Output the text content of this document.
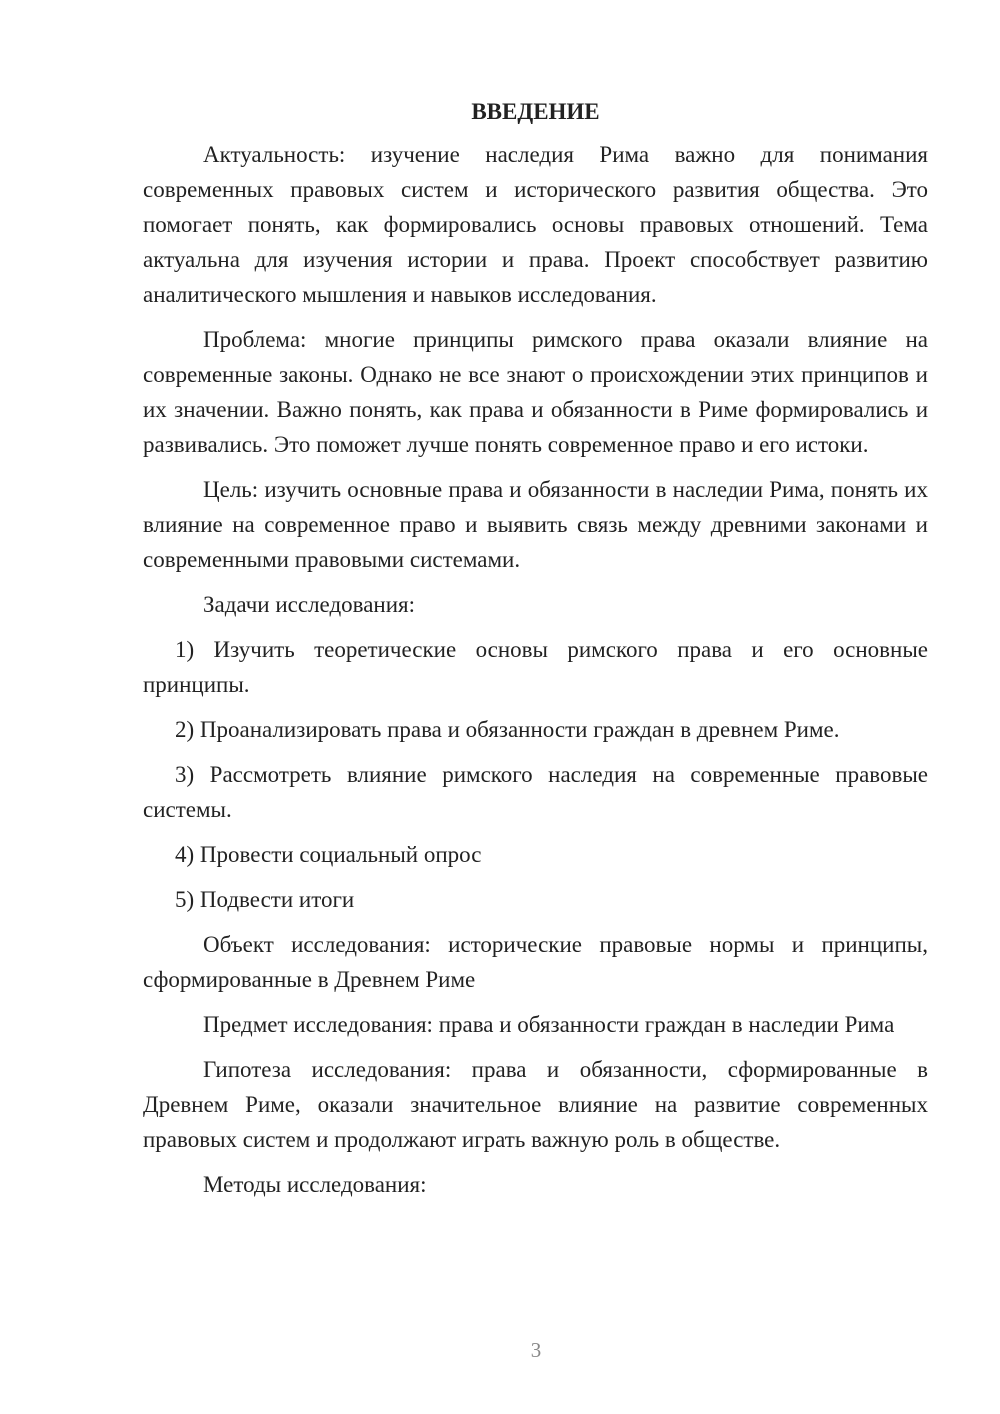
ВВЕДЕНИЕ

Актуальность: изучение наследия Рима важно для понимания современных правовых систем и исторического развития общества. Это помогает понять, как формировались основы правовых отношений. Тема актуальна для изучения истории и права. Проект способствует развитию аналитического мышления и навыков исследования.

Проблема: многие принципы римского права оказали влияние на современные законы. Однако не все знают о происхождении этих принципов и их значении. Важно понять, как права и обязанности в Риме формировались и развивались. Это поможет лучше понять современное право и его истоки.

Цель: изучить основные права и обязанности в наследии Рима, понять их влияние на современное право и выявить связь между древними законами и современными правовыми системами.

Задачи исследования:

1) Изучить теоретические основы римского права и его основные принципы.

2) Проанализировать права и обязанности граждан в древнем Риме.

3) Рассмотреть влияние римского наследия на современные правовые системы.

4) Провести социальный опрос

5) Подвести итоги

Объект исследования: исторические правовые нормы и принципы, сформированные в Древнем Риме

Предмет исследования: права и обязанности граждан в наследии Рима

Гипотеза исследования: права и обязанности, сформированные в Древнем Риме, оказали значительное влияние на развитие современных правовых систем и продолжают играть важную роль в обществе.

Методы исследования:

3
